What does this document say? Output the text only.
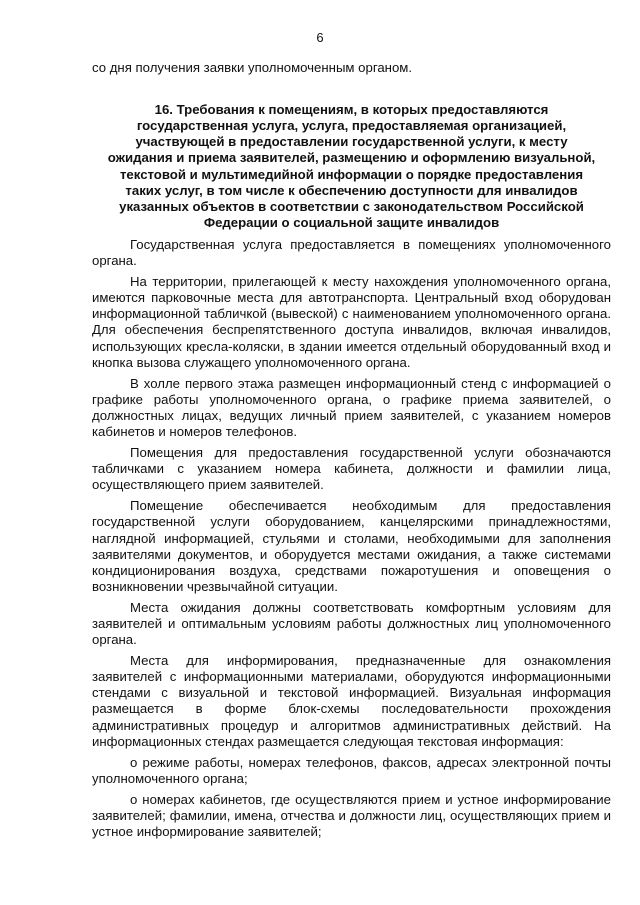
6

со дня получения заявки уполномоченным органом.

16. Требования к помещениям, в которых предоставляются государственная услуга, услуга, предоставляемая организацией, участвующей в предоставлении государственной услуги, к месту ожидания и приема заявителей, размещению и оформлению визуальной, текстовой и мультимедийной информации о порядке предоставления таких услуг, в том числе к обеспечению доступности для инвалидов указанных объектов в соответствии с законодательством Российской Федерации о социальной защите инвалидов

Государственная услуга предоставляется в помещениях уполномоченного органа.

На территории, прилегающей к месту нахождения уполномоченного органа, имеются парковочные места для автотранспорта. Центральный вход оборудован информационной табличкой (вывеской) с наименованием уполномоченного органа. Для обеспечения беспрепятственного доступа инвалидов, включая инвалидов, использующих кресла-коляски, в здании имеется отдельный оборудованный вход и кнопка вызова служащего уполномоченного органа.

В холле первого этажа размещен информационный стенд с информацией о графике работы уполномоченного органа, о графике приема заявителей, о должностных лицах, ведущих личный прием заявителей, с указанием номеров кабинетов и номеров телефонов.

Помещения для предоставления государственной услуги обозначаются табличками с указанием номера кабинета, должности и фамилии лица, осуществляющего прием заявителей.

Помещение обеспечивается необходимым для предоставления государственной услуги оборудованием, канцелярскими принадлежностями, наглядной информацией, стульями и столами, необходимыми для заполнения заявителями документов, и оборудуется местами ожидания, а также системами кондиционирования воздуха, средствами пожаротушения и оповещения о возникновении чрезвычайной ситуации.

Места ожидания должны соответствовать комфортным условиям для заявителей и оптимальным условиям работы должностных лиц уполномоченного органа.

Места для информирования, предназначенные для ознакомления заявителей с информационными материалами, оборудуются информационными стендами с визуальной и текстовой информацией. Визуальная информация размещается в форме блок-схемы последовательности прохождения административных процедур и алгоритмов административных действий. На информационных стендах размещается следующая текстовая информация:

о режиме работы, номерах телефонов, факсов, адресах электронной почты уполномоченного органа;

о номерах кабинетов, где осуществляются прием и устное информирование заявителей; фамилии, имена, отчества и должности лиц, осуществляющих прием и устное информирование заявителей;
